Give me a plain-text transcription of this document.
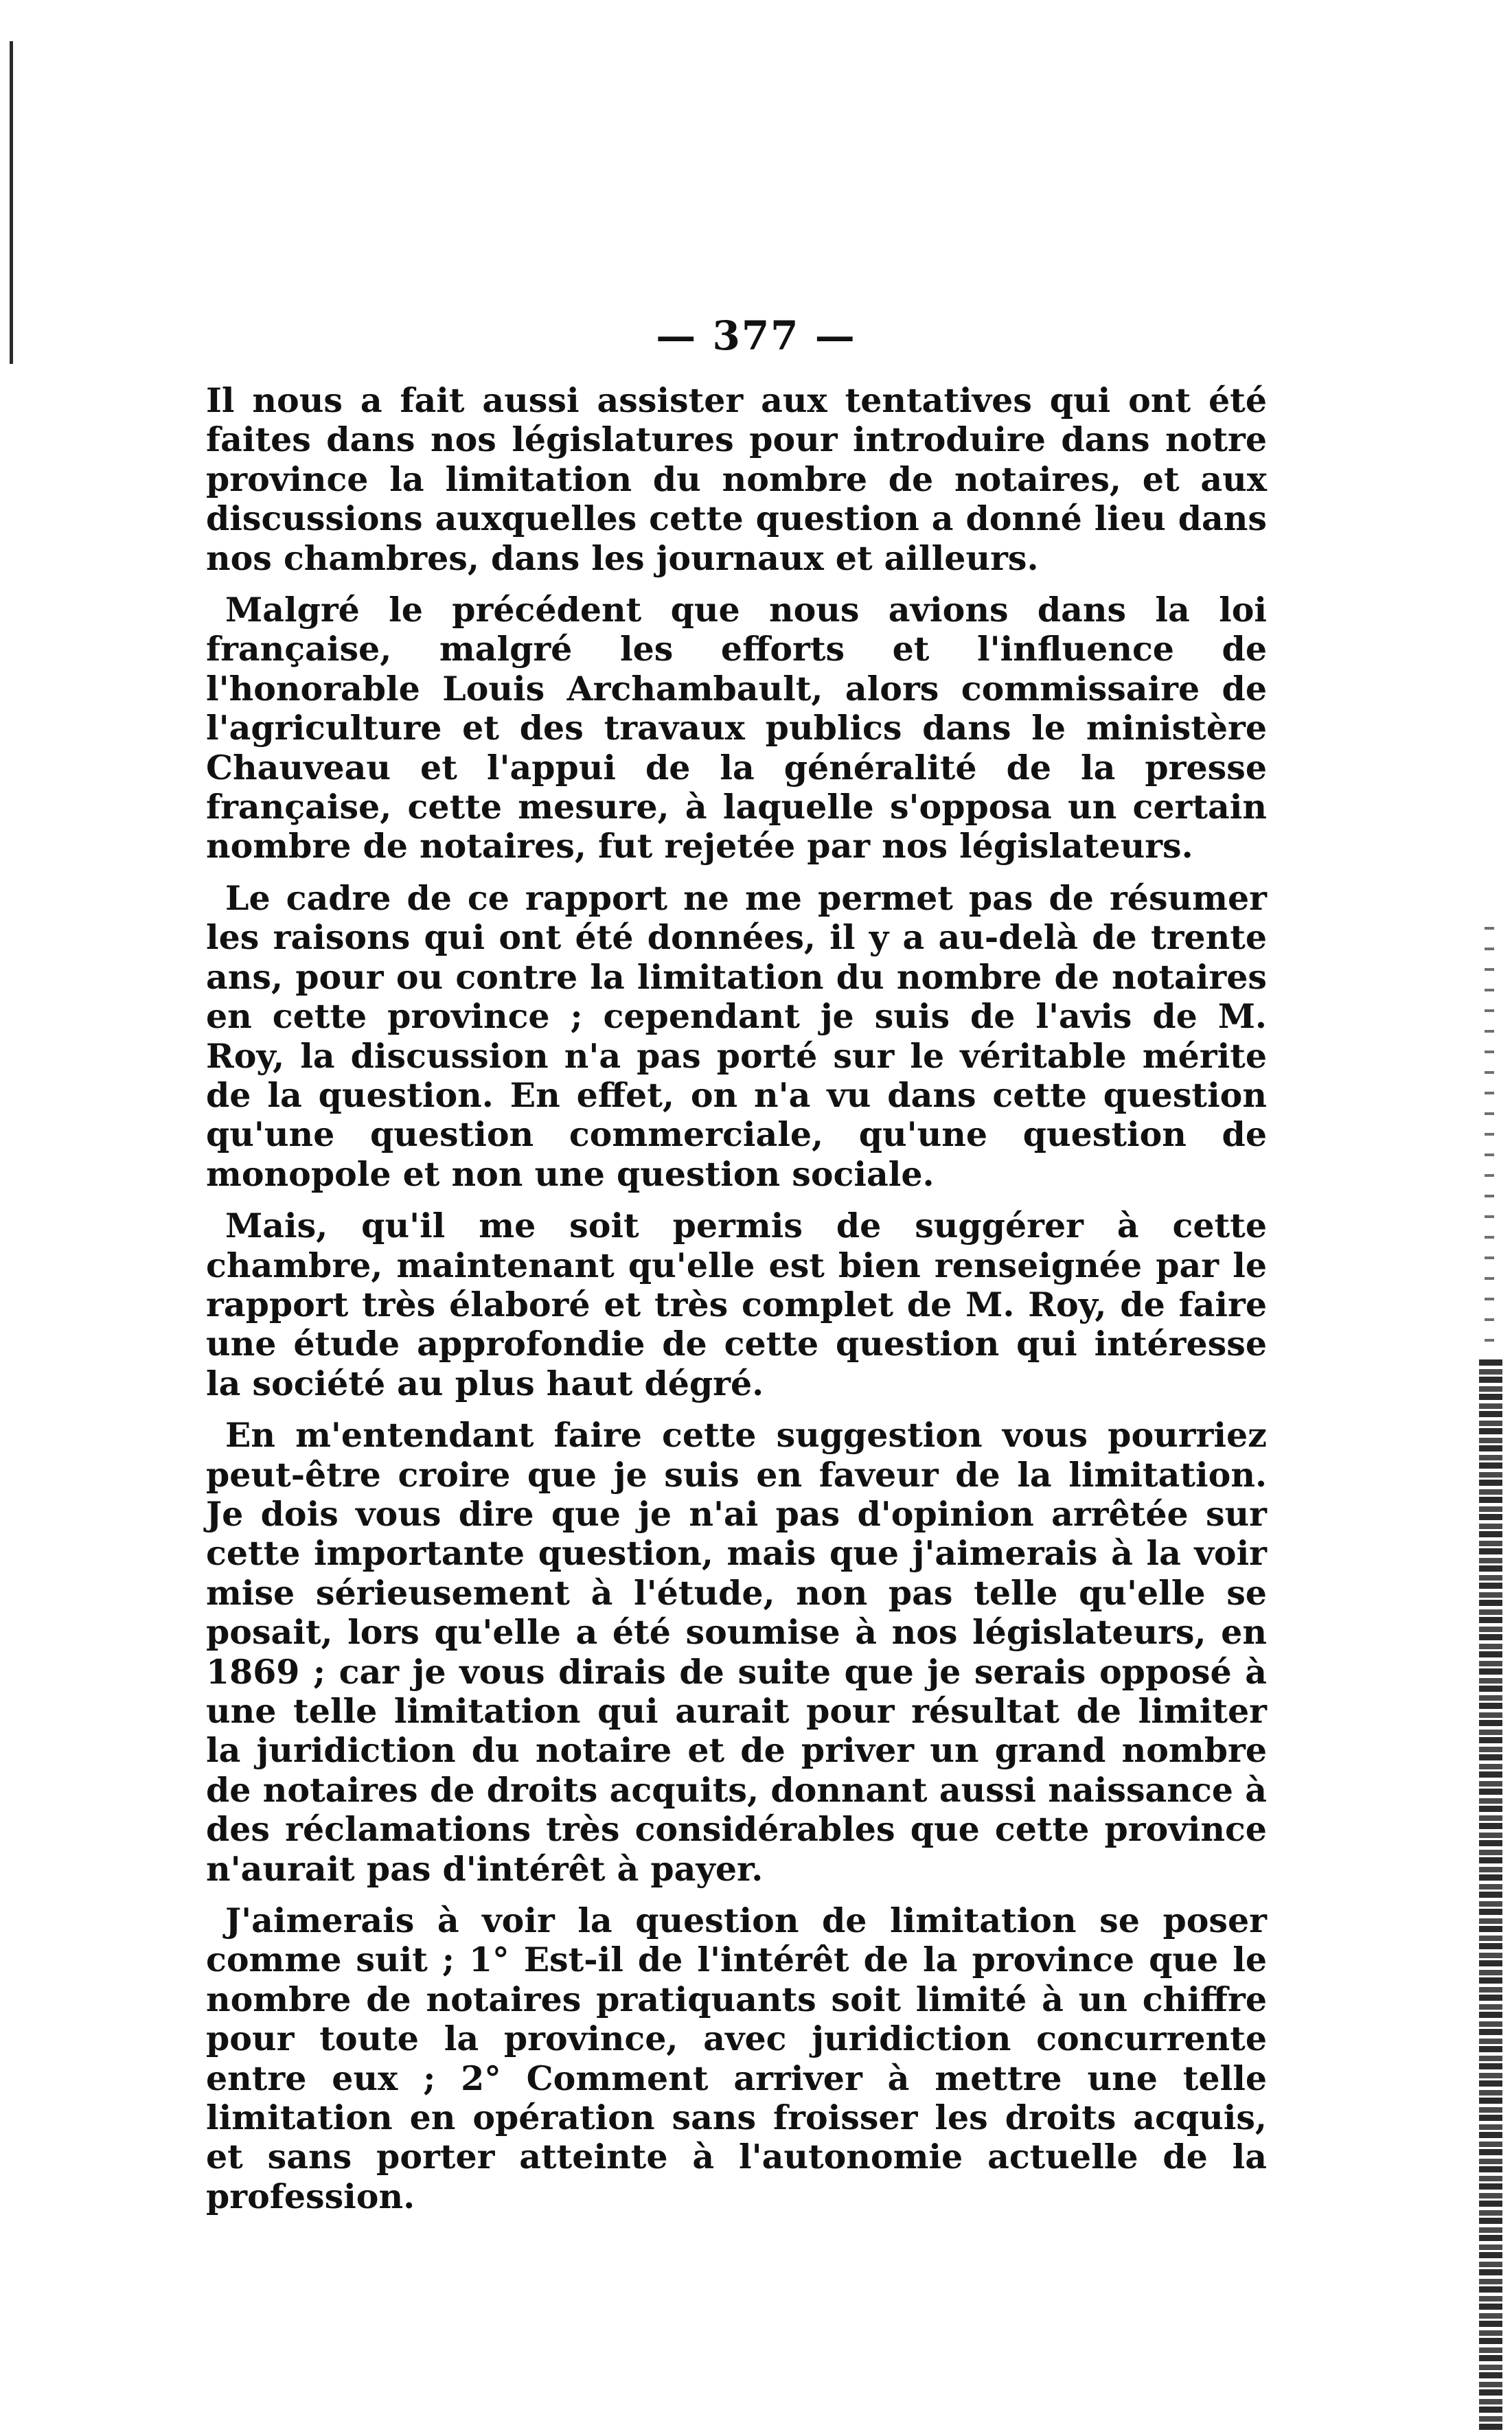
— 377 —

Il nous a fait aussi assister aux tentatives qui ont été faites dans nos législatures pour introduire dans notre province la limitation du nombre de notaires, et aux discussions auxquelles cette question a donné lieu dans nos chambres, dans les journaux et ailleurs.

Malgré le précédent que nous avions dans la loi française, malgré les efforts et l'influence de l'honorable Louis Archambault, alors commissaire de l'agriculture et des travaux publics dans le ministère Chauveau et l'appui de la généralité de la presse française, cette mesure, à laquelle s'opposa un certain nombre de notaires, fut rejetée par nos législateurs.

Le cadre de ce rapport ne me permet pas de résumer les raisons qui ont été données, il y a au-delà de trente ans, pour ou contre la limitation du nombre de notaires en cette province ; cependant je suis de l'avis de M. Roy, la discussion n'a pas porté sur le véritable mérite de la question. En effet, on n'a vu dans cette question qu'une question commerciale, qu'une question de monopole et non une question sociale.

Mais, qu'il me soit permis de suggérer à cette chambre, maintenant qu'elle est bien renseignée par le rapport très élaboré et très complet de M. Roy, de faire une étude approfondie de cette question qui intéresse la société au plus haut dégré.

En m'entendant faire cette suggestion vous pourriez peut-être croire que je suis en faveur de la limitation. Je dois vous dire que je n'ai pas d'opinion arrêtée sur cette importante question, mais que j'aimerais à la voir mise sérieusement à l'étude, non pas telle qu'elle se posait, lors qu'elle a été soumise à nos législateurs, en 1869 ; car je vous dirais de suite que je serais opposé à une telle limitation qui aurait pour résultat de limiter la juridiction du notaire et de priver un grand nombre de notaires de droits acquits, donnant aussi naissance à des réclamations très considérables que cette province n'aurait pas d'intérêt à payer.

J'aimerais à voir la question de limitation se poser comme suit ; 1° Est-il de l'intérêt de la province que le nombre de notaires pratiquants soit limité à un chiffre pour toute la province, avec juridiction concurrente entre eux ; 2° Comment arriver à mettre une telle limitation en opération sans froisser les droits acquis, et sans porter atteinte à l'autonomie actuelle de la profession.
